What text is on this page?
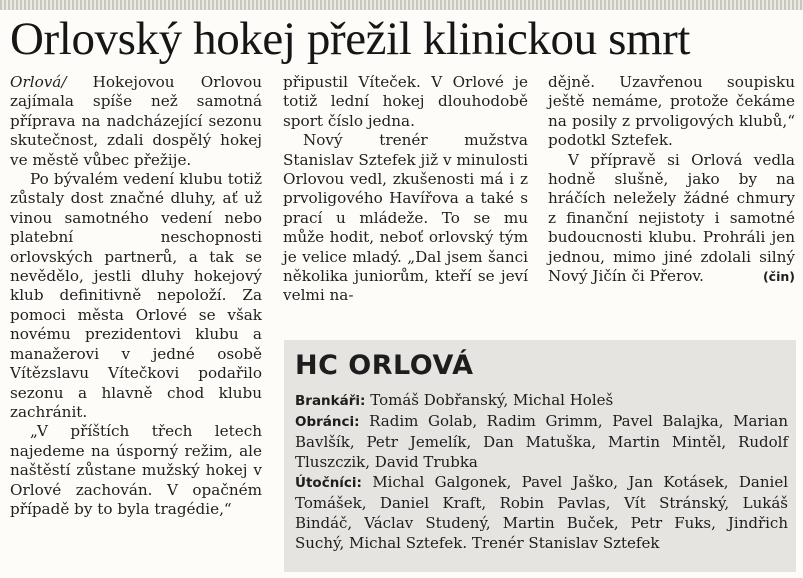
Orlovský hokej přežil klinickou smrt

Orlová/ Hokejovou Orlovou zajímala spíše než samotná příprava na nadcházející sezonu skutečnost, zdali dospělý hokej ve městě vůbec přežije.

Po bývalém vedení klubu totiž zůstaly dost značné dluhy, ať už vinou samotného vedení nebo platební neschopnosti orlovských partnerů, a tak se nevědělo, jestli dluhy hokejový klub definitivně nepoloží. Za pomoci města Orlové se však novému prezidentovi klubu a manažerovi v jedné osobě Vítězslavu Vítečkovi podařilo sezonu a hlavně chod klubu zachránit.

„V příštích třech letech najedeme na úsporný režim, ale naštěstí zůstane mužský hokej v Orlové zachován. V opačném případě by to byla tragédie,“

připustil Víteček. V Orlové je totiž lední hokej dlouhodobě sport číslo jedna.

Nový trenér mužstva Stanislav Sztefek již v minulosti Orlovou vedl, zkušenosti má i z prvoligového Havířova a také s prací u mládeže. To se mu může hodit, neboť orlovský tým je velice mladý. „Dal jsem šanci několika juniorům, kteří se jeví velmi na-

dějně. Uzavřenou soupisku ještě nemáme, protože čekáme na posily z prvoligových klubů,“ podotkl Sztefek.

V přípravě si Orlová vedla hodně slušně, jako by na hráčích neležely žádné chmury z finanční nejistoty i samotné budoucnosti klubu. Prohráli jen jednou, mimo jiné zdolali silný Nový Jičín či Přerov.	(čin)

HC ORLOVÁ

Brankáři: Tomáš Dobřanský, Michal Holeš

Obránci: Radim Golab, Radim Grimm, Pavel Balajka, Marian Bavlšík, Petr Jemelík, Dan Matuška, Martin Mintěl, Rudolf Tluszczik, David Trubka

Útočníci: Michal Galgonek, Pavel Jaško, Jan Kotásek, Daniel Tomášek, Daniel Kraft, Robin Pavlas, Vít Stránský, Lukáš Bindáč, Václav Studený, Martin Buček, Petr Fuks, Jindřich Suchý, Michal Sztefek. Trenér Stanislav Sztefek
